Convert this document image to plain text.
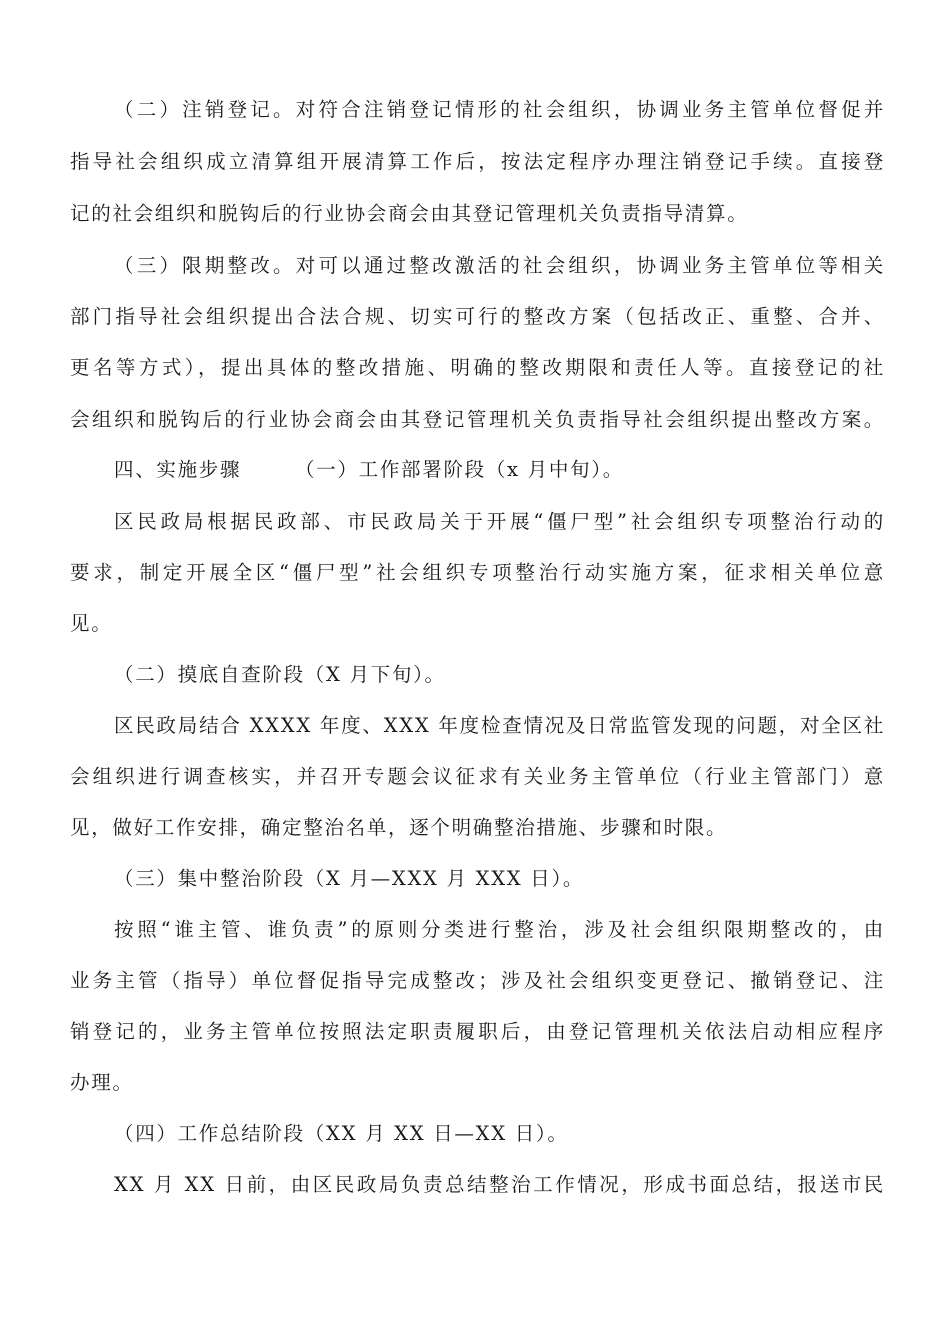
（二）注销登记。对符合注销登记情形的社会组织，协调业务主管单位督促并
指导社会组织成立清算组开展清算工作后，按法定程序办理注销登记手续。直接登
记的社会组织和脱钩后的行业协会商会由其登记管理机关负责指导清算。
（三）限期整改。对可以通过整改激活的社会组织，协调业务主管单位等相关
部门指导社会组织提出合法合规、切实可行的整改方案（包括改正、重整、合并、
更名等方式），提出具体的整改措施、明确的整改期限和责任人等。直接登记的社
会组织和脱钩后的行业协会商会由其登记管理机关负责指导社会组织提出整改方案。
四、实施步骤　　　（一）工作部署阶段（x 月中旬）。
区民政局根据民政部、市民政局关于开展“僵尸型”社会组织专项整治行动的
要求，制定开展全区“僵尸型”社会组织专项整治行动实施方案，征求相关单位意
见。
（二）摸底自查阶段（X 月下旬）。
区民政局结合 XXXX 年度、XXX 年度检查情况及日常监管发现的问题，对全区社
会组织进行调查核实，并召开专题会议征求有关业务主管单位（行业主管部门）意
见，做好工作安排，确定整治名单，逐个明确整治措施、步骤和时限。
（三）集中整治阶段（X 月—XXX 月 XXX 日）。
按照“谁主管、谁负责”的原则分类进行整治，涉及社会组织限期整改的，由
业务主管（指导）单位督促指导完成整改；涉及社会组织变更登记、撤销登记、注
销登记的，业务主管单位按照法定职责履职后，由登记管理机关依法启动相应程序
办理。
（四）工作总结阶段（XX 月 XX 日—XX 日）。
XX 月 XX 日前，由区民政局负责总结整治工作情况，形成书面总结，报送市民
